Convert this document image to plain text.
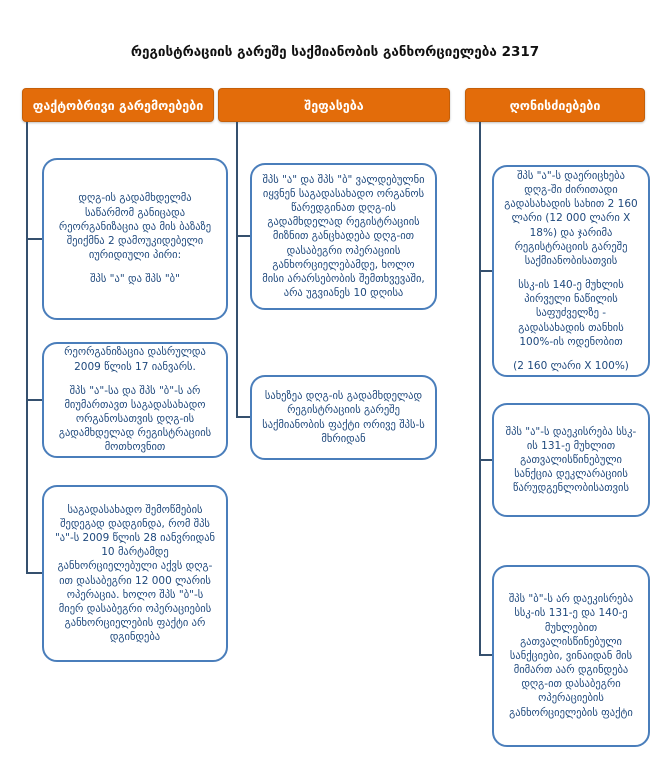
რეგისტრაციის გარეშე საქმიანობის განხორციელება 2317
ფაქტობრივი გარემოებები	შეფასება	ღონისძიებები

დღგ-ის გადამხდელმა საწარმომ განიცადა რეორგანიზაცია და მის ბაზაზე შეიქმნა 2 დამოუკიდებელი იურიდიული პირი:

შპს "ა" და შპს "ბ"

რეორგანიზაცია დასრულდა 2009 წლის 17 იანვარს.

შპს "ა"-სა და შპს "ბ"-ს არ მიუმართავთ საგადასახადო ორგანოსათვის დღგ-ის გადამხდელად რეგისტრაციის მოთხოვნით

საგადასახადო შემოწმების შედეგად დადგინდა, რომ შპს "ა"-ს 2009 წლის 28 იანვრიდან 10 მარტამდე განხორციელებული აქვს დღგ-ით დასაბეგრი 12 000 ლარის ოპერაცია. ხოლო შპს "ბ"-ს მიერ დასაბეგრი ოპერაციების განხორციელების ფაქტი არ დგინდება

შპს "ა" და შპს "ბ" ვალდებულნი იყვნენ საგადასახადო ორგანოს წარედგინათ დღგ-ის გადამხდელად რეგისტრაციის მიზნით განცხადება დღგ-ით დასაბეგრი ოპერაციის განხორციელებამდე, ხოლო მისი არარსებობის შემთხვევაში, არა უგვიანეს 10 დღისა

სახეზეა დღგ-ის გადამხდელად რეგისტრაციის გარეშე საქმიანობის ფაქტი ორივე შპს-ს მხრიდან

შპს "ა"-ს დაერიცხება დღგ-ში ძირითადი გადასახადის სახით 2 160 ლარი (12 000 ლარი X 18%) და ჯარიმა რეგისტრაციის გარეშე საქმიანობისათვის

სსკ-ის 140-ე მუხლის პირველი ნაწილის საფუძველზე - გადასახადის თანხის 100%-ის ოდენობით

(2 160 ლარი X 100%)

შპს "ა"-ს დაეკისრება სსკ-ის 131-ე მუხლით გათვალისწინებული სანქცია დეკლარაციის წარუდგენლობისათვის

შპს "ბ"-ს არ დაეკისრება სსკ-ის 131-ე და 140-ე მუხლებით გათვალისწინებული სანქციები, ვინაიდან მის მიმართ აარ დგინდება დღგ-ით დასაბეგრი ოპერაციების განხორციელების ფაქტი
